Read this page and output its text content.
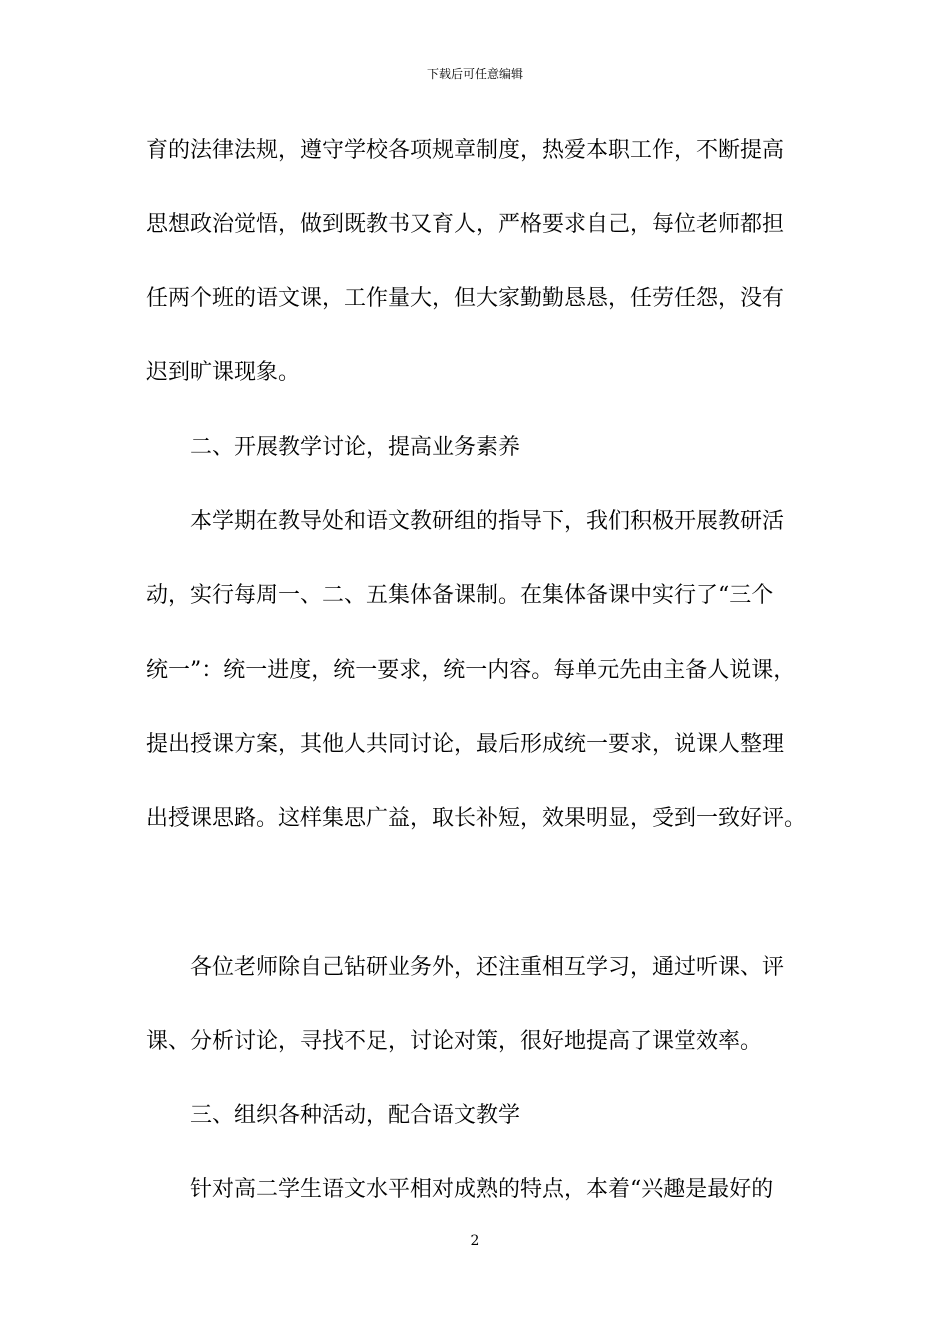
下载后可任意编辑
育的法律法规，遵守学校各项规章制度，热爱本职工作，不断提高
思想政治觉悟，做到既教书又育人，严格要求自己，每位老师都担
任两个班的语文课，工作量大，但大家勤勤恳恳，任劳任怨，没有
迟到旷课现象。
二、开展教学讨论，提高业务素养
本学期在教导处和语文教研组的指导下，我们积极开展教研活
动，实行每周一、二、五集体备课制。在集体备课中实行了“三个
统一”：统一进度，统一要求，统一内容。每单元先由主备人说课，
提出授课方案，其他人共同讨论，最后形成统一要求，说课人整理
出授课思路。这样集思广益，取长补短，效果明显，受到一致好评。
各位老师除自己钻研业务外，还注重相互学习，通过听课、评
课、分析讨论，寻找不足，讨论对策，很好地提高了课堂效率。
三、组织各种活动，配合语文教学
针对高二学生语文水平相对成熟的特点，本着“兴趣是最好的
2
